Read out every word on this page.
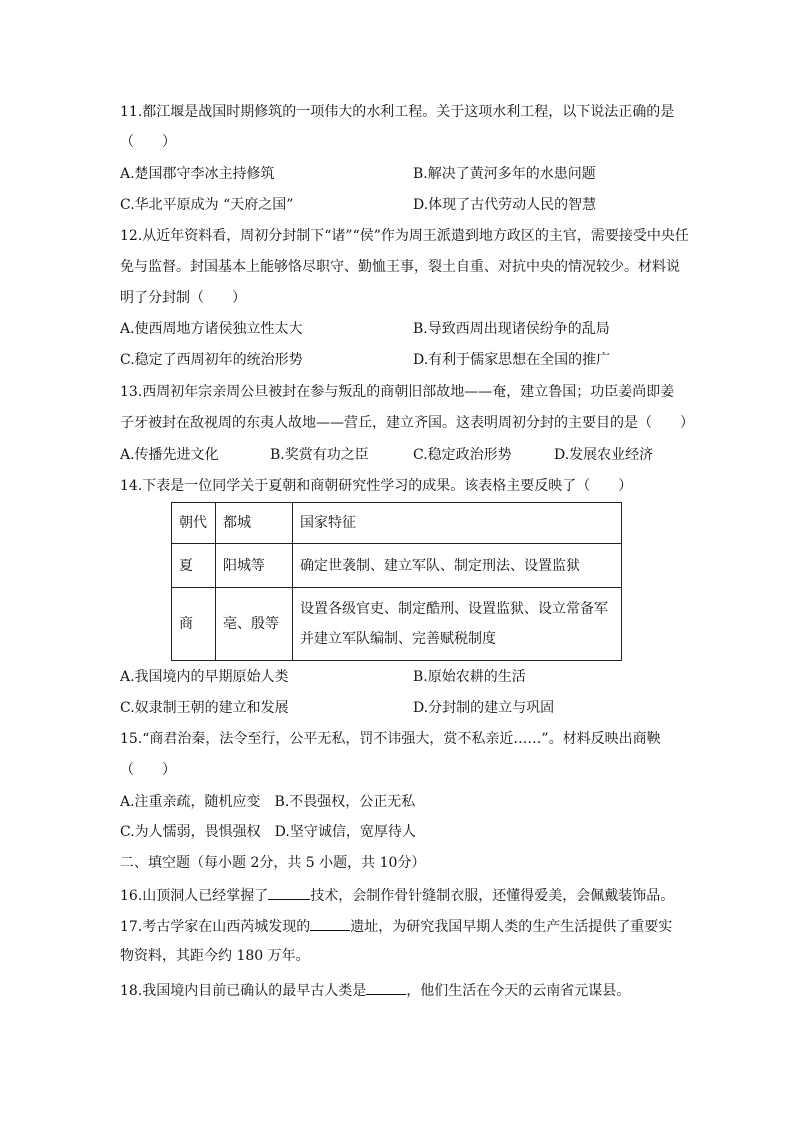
11.都江堰是战国时期修筑的一项伟大的水利工程。关于这项水利工程，以下说法正确的是
（　　）
A.楚国郡守李冰主持修筑	B.解决了黄河多年的水患问题
C.华北平原成为 “天府之国”	D.体现了古代劳动人民的智慧
12.从近年资料看，周初分封制下“诸”“侯”作为周王派遣到地方政区的主官，需要接受中央任
免与监督。封国基本上能够恪尽职守、勤恤王事，裂土自重、对抗中央的情况较少。材料说
明了分封制（　　）
A.使西周地方诸侯独立性太大	B.导致西周出现诸侯纷争的乱局
C.稳定了西周初年的统治形势	D.有利于儒家思想在全国的推广
13.西周初年宗亲周公旦被封在参与叛乱的商朝旧部故地——奄，建立鲁国；功臣姜尚即姜
子牙被封在敌视周的东夷人故地——营丘，建立齐国。这表明周初分封的主要目的是（　　）
A.传播先进文化	B.奖赏有功之臣	C.稳定政治形势	D.发展农业经济
14.下表是一位同学关于夏朝和商朝研究性学习的成果。该表格主要反映了（　　）
朝代	都城	国家特征
夏	阳城等	确定世袭制、建立军队、制定刑法、设置监狱
商	亳、殷等	设置各级官吏、制定酷刑、设置监狱、设立常备军
并建立军队编制、完善赋税制度
A.我国境内的早期原始人类	B.原始农耕的生活
C.奴隶制王朝的建立和发展	D.分封制的建立与巩固
15.“商君治秦，法令至行，公平无私，罚不讳强大，赏不私亲近……”。材料反映出商鞅
（　　）
A.注重亲疏，随机应变　B.不畏强权，公正无私
C.为人懦弱，畏惧强权　D.坚守诚信，宽厚待人
二、填空题（每小题 2分，共 5 小题，共 10分）
16.山顶洞人已经掌握了	技术，会制作骨针缝制衣服，还懂得爱美，会佩戴装饰品。
17.考古学家在山西芮城发现的	遗址，为研究我国早期人类的生产生活提供了重要实
物资料，其距今约 180 万年。
18.我国境内目前已确认的最早古人类是	，他们生活在今天的云南省元谋县。
